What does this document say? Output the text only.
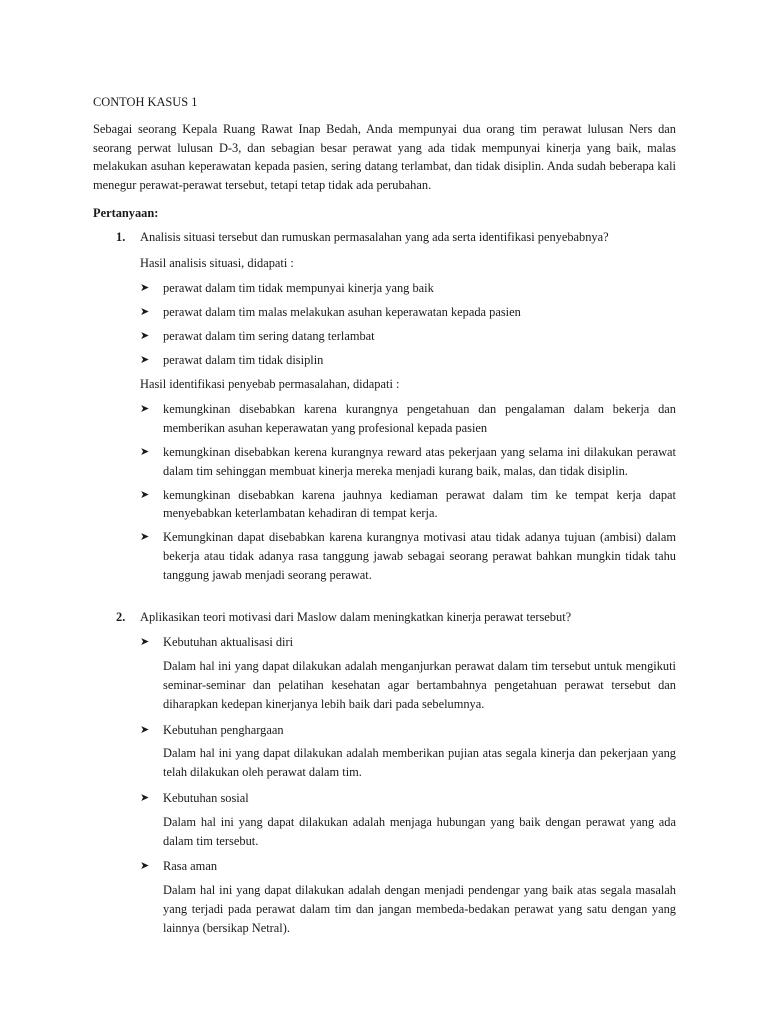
CONTOH KASUS 1

Sebagai seorang Kepala Ruang Rawat Inap Bedah, Anda mempunyai dua orang tim perawat lulusan Ners dan seorang perwat lulusan D-3, dan sebagian besar perawat yang ada tidak mempunyai kinerja yang baik, malas melakukan asuhan keperawatan kepada pasien, sering datang terlambat, dan tidak disiplin. Anda sudah beberapa kali menegur perawat-perawat tersebut, tetapi tetap tidak ada perubahan.

Pertanyaan:

1. Analisis situasi tersebut dan rumuskan permasalahan yang ada serta identifikasi penyebabnya?

Hasil analisis situasi, didapati :

➤ perawat dalam tim tidak mempunyai kinerja yang baik
➤ perawat dalam tim malas melakukan asuhan keperawatan kepada pasien
➤ perawat dalam tim sering datang terlambat
➤ perawat dalam tim tidak disiplin

Hasil identifikasi penyebab permasalahan, didapati :

➤ kemungkinan disebabkan karena kurangnya pengetahuan dan pengalaman dalam bekerja dan memberikan asuhan keperawatan yang profesional kepada pasien
➤ kemungkinan disebabkan kerena kurangnya reward atas pekerjaan yang selama ini dilakukan perawat dalam tim sehinggan membuat kinerja mereka menjadi kurang baik, malas, dan tidak disiplin.
➤ kemungkinan disebabkan karena jauhnya kediaman perawat dalam tim ke tempat kerja dapat menyebabkan keterlambatan kehadiran di tempat kerja.
➤ Kemungkinan dapat disebabkan karena kurangnya motivasi atau tidak adanya tujuan (ambisi) dalam bekerja atau tidak adanya rasa tanggung jawab sebagai seorang perawat bahkan mungkin tidak tahu tanggung jawab menjadi seorang perawat.

2. Aplikasikan teori motivasi dari Maslow dalam meningkatkan kinerja perawat tersebut?

➤ Kebutuhan aktualisasi diri

Dalam hal ini yang dapat dilakukan adalah menganjurkan perawat dalam tim tersebut untuk mengikuti seminar-seminar dan pelatihan kesehatan agar bertambahnya pengetahuan perawat tersebut dan diharapkan kedepan kinerjanya lebih baik dari pada sebelumnya.

➤ Kebutuhan penghargaan

Dalam hal ini yang dapat dilakukan adalah memberikan pujian atas segala kinerja dan pekerjaan yang telah dilakukan oleh perawat dalam tim.

➤ Kebutuhan sosial

Dalam hal ini yang dapat dilakukan adalah menjaga hubungan yang baik dengan perawat yang ada dalam tim tersebut.

➤ Rasa aman

Dalam hal ini yang dapat dilakukan adalah dengan menjadi pendengar yang baik atas segala masalah yang terjadi pada perawat dalam tim dan jangan membeda-bedakan perawat yang satu dengan yang lainnya (bersikap Netral).
